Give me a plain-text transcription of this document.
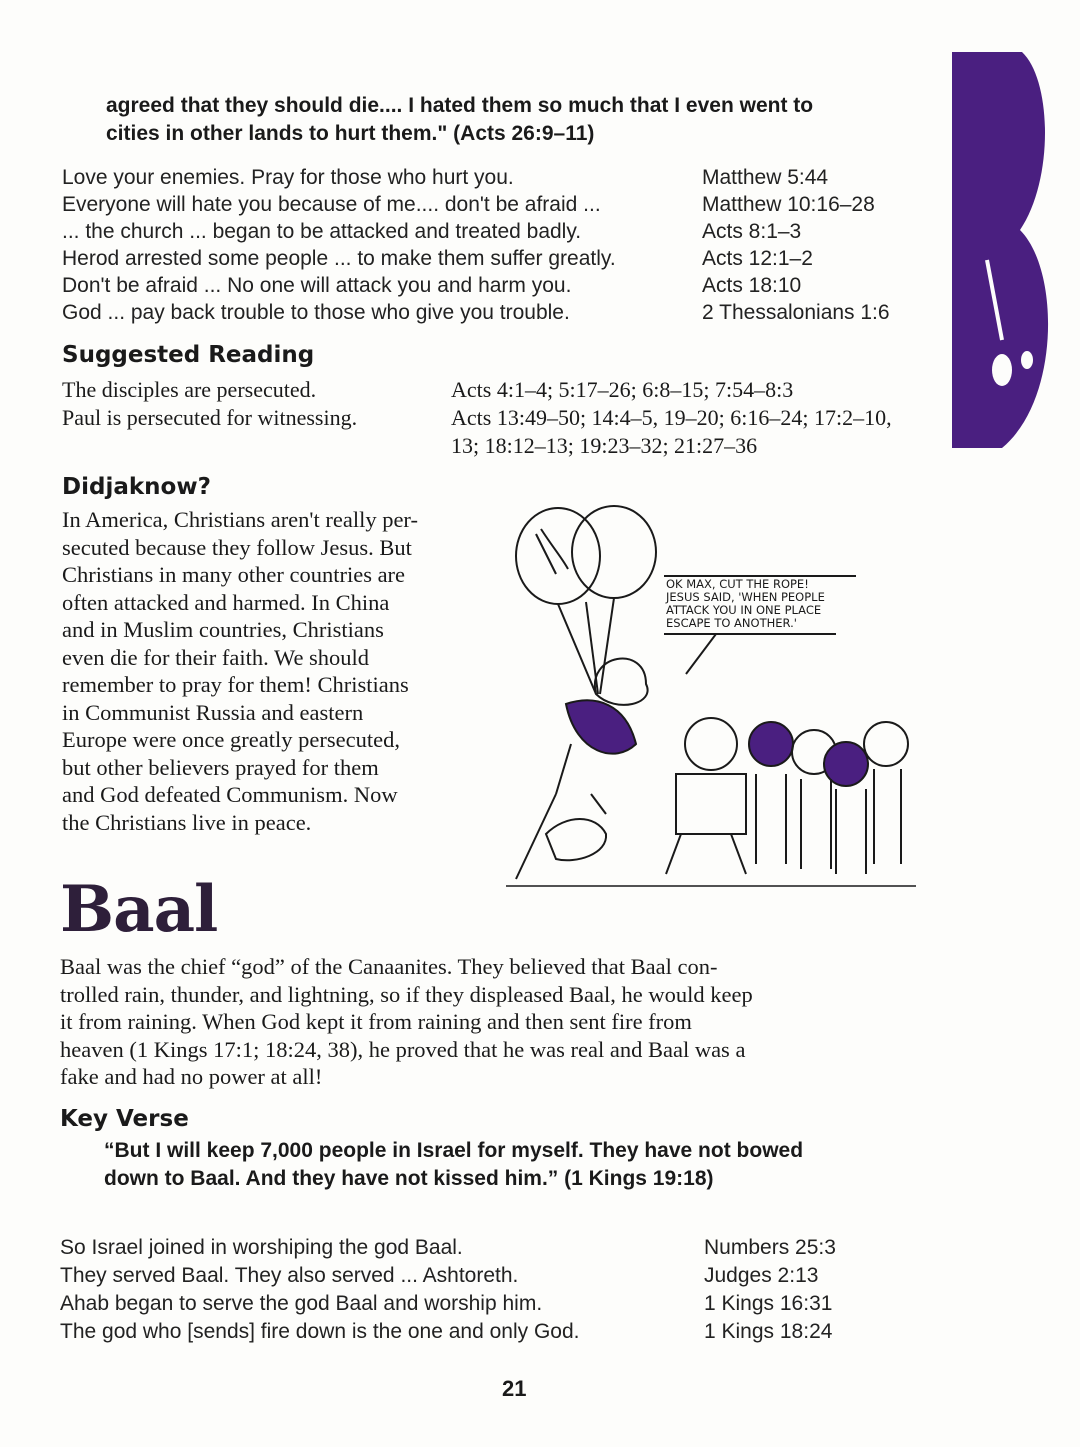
agreed that they should die.... I hated them so much that I even went to cities in other lands to hurt them." (Acts 26:9–11)
Love your enemies. Pray for those who hurt you.	Matthew 5:44
Everyone will hate you because of me.... don't be afraid ...	Matthew 10:16–28
... the church ... began to be attacked and treated badly.	Acts 8:1–3
Herod arrested some people ... to make them suffer greatly.	Acts 12:1–2
Don't be afraid ... No one will attack you and harm you.	Acts 18:10
God ... pay back trouble to those who give you trouble.	2 Thessalonians 1:6
Suggested Reading
The disciples are persecuted.	Acts 4:1–4; 5:17–26; 6:8–15; 7:54–8:3
Paul is persecuted for witnessing.	Acts 13:49–50; 14:4–5, 19–20; 6:16–24; 17:2–10, 13; 18:12–13; 19:23–32; 21:27–36
Didjaknow?
In America, Christians aren't really per-
secuted because they follow Jesus. But
Christians in many other countries are
often attacked and harmed. In China
and in Muslim countries, Christians
even die for their faith. We should
remember to pray for them! Christians
in Communist Russia and eastern
Europe were once greatly persecuted,
but other believers prayed for them
and God defeated Communism. Now
the Christians live in peace.
OK MAX, CUT THE ROPE!
JESUS SAID, 'WHEN PEOPLE
ATTACK YOU IN ONE PLACE
ESCAPE TO ANOTHER.'
Baal
Baal was the chief “god” of the Canaanites. They believed that Baal con-
trolled rain, thunder, and lightning, so if they displeased Baal, he would keep
it from raining. When God kept it from raining and then sent fire from
heaven (1 Kings 17:1; 18:24, 38), he proved that he was real and Baal was a
fake and had no power at all!
Key Verse
“But I will keep 7,000 people in Israel for myself. They have not bowed down to Baal. And they have not kissed him.” (1 Kings 19:18)
So Israel joined in worshiping the god Baal.	Numbers 25:3
They served Baal. They also served ... Ashtoreth.	Judges 2:13
Ahab began to serve the god Baal and worship him.	1 Kings 16:31
The god who [sends] fire down is the one and only God.	1 Kings 18:24
21
